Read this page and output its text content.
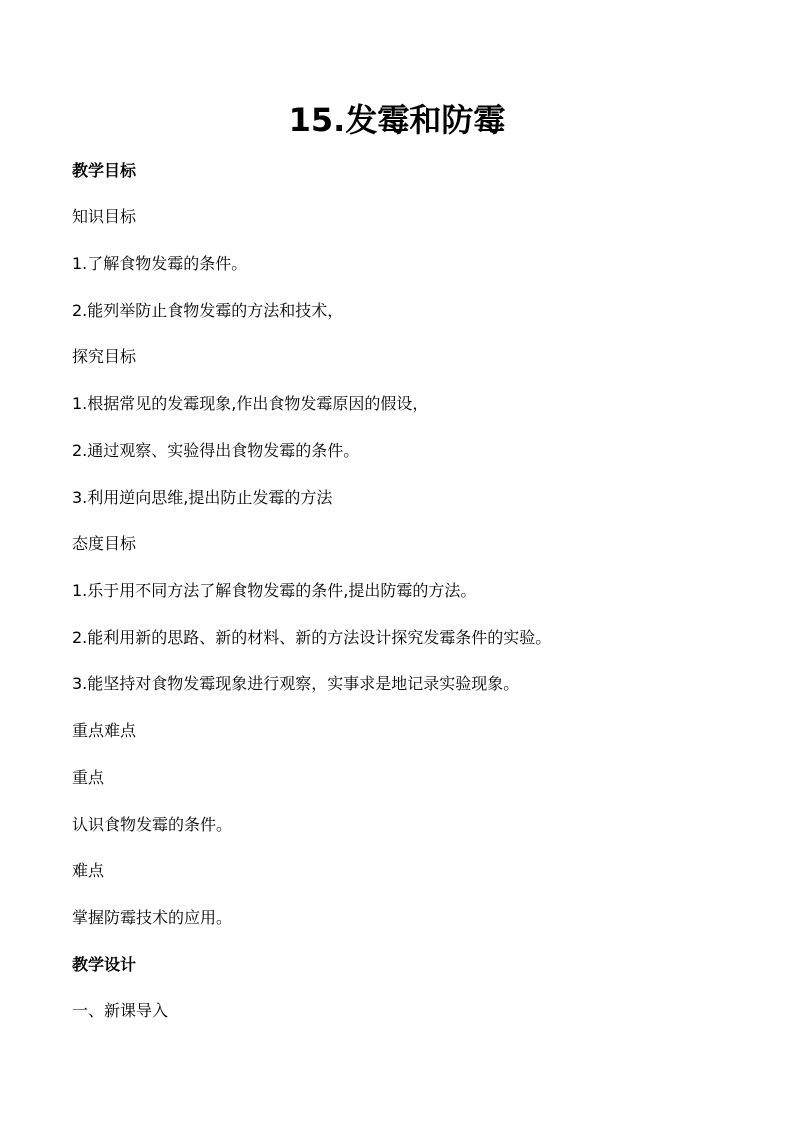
15.发霉和防霉
教学目标
知识目标
1.了解食物发霉的条件。
2.能列举防止食物发霉的方法和技术，
探究目标
1.根据常见的发霉现象,作出食物发霉原因的假设，
2.通过观察、实验得出食物发霉的条件。
3.利用逆向思维,提出防止发霉的方法
态度目标
1.乐于用不同方法了解食物发霉的条件,提出防霉的方法。
2.能利用新的思路、新的材料、新的方法设计探究发霉条件的实验。
3.能坚持对食物发霉现象进行观察，实事求是地记录实验现象。
重点难点
重点
认识食物发霉的条件。
难点
掌握防霉技术的应用。
教学设计
一、新课导入
